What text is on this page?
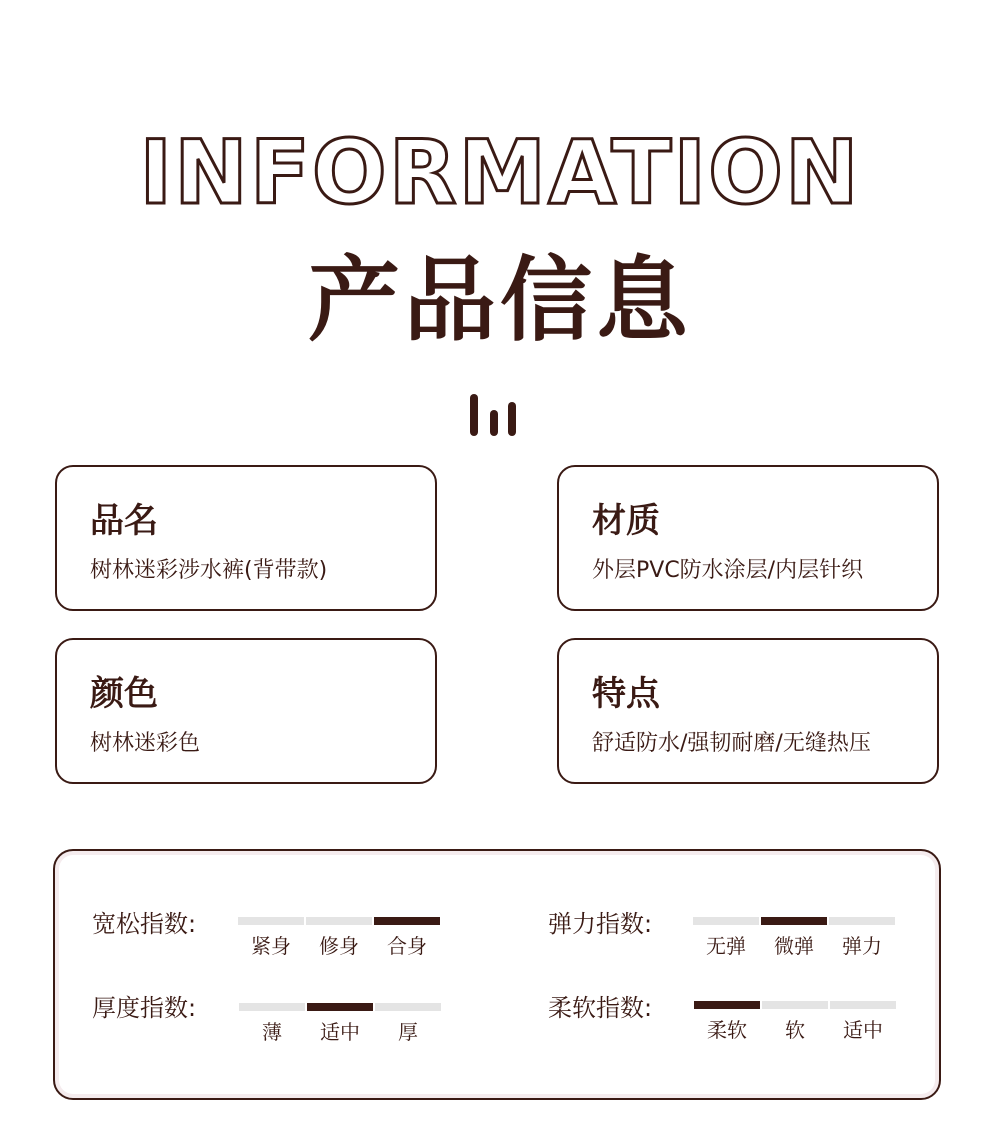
INFORMATION
产品信息
品名
树林迷彩涉水裤(背带款)
材质
外层PVC防水涂层/内层针织
颜色
树林迷彩色
特点
舒适防水/强韧耐磨/无缝热压
宽松指数:
紧身	修身	合身
弹力指数:
无弹	微弹	弹力
厚度指数:
薄	适中	厚
柔软指数:
柔软	软	适中
